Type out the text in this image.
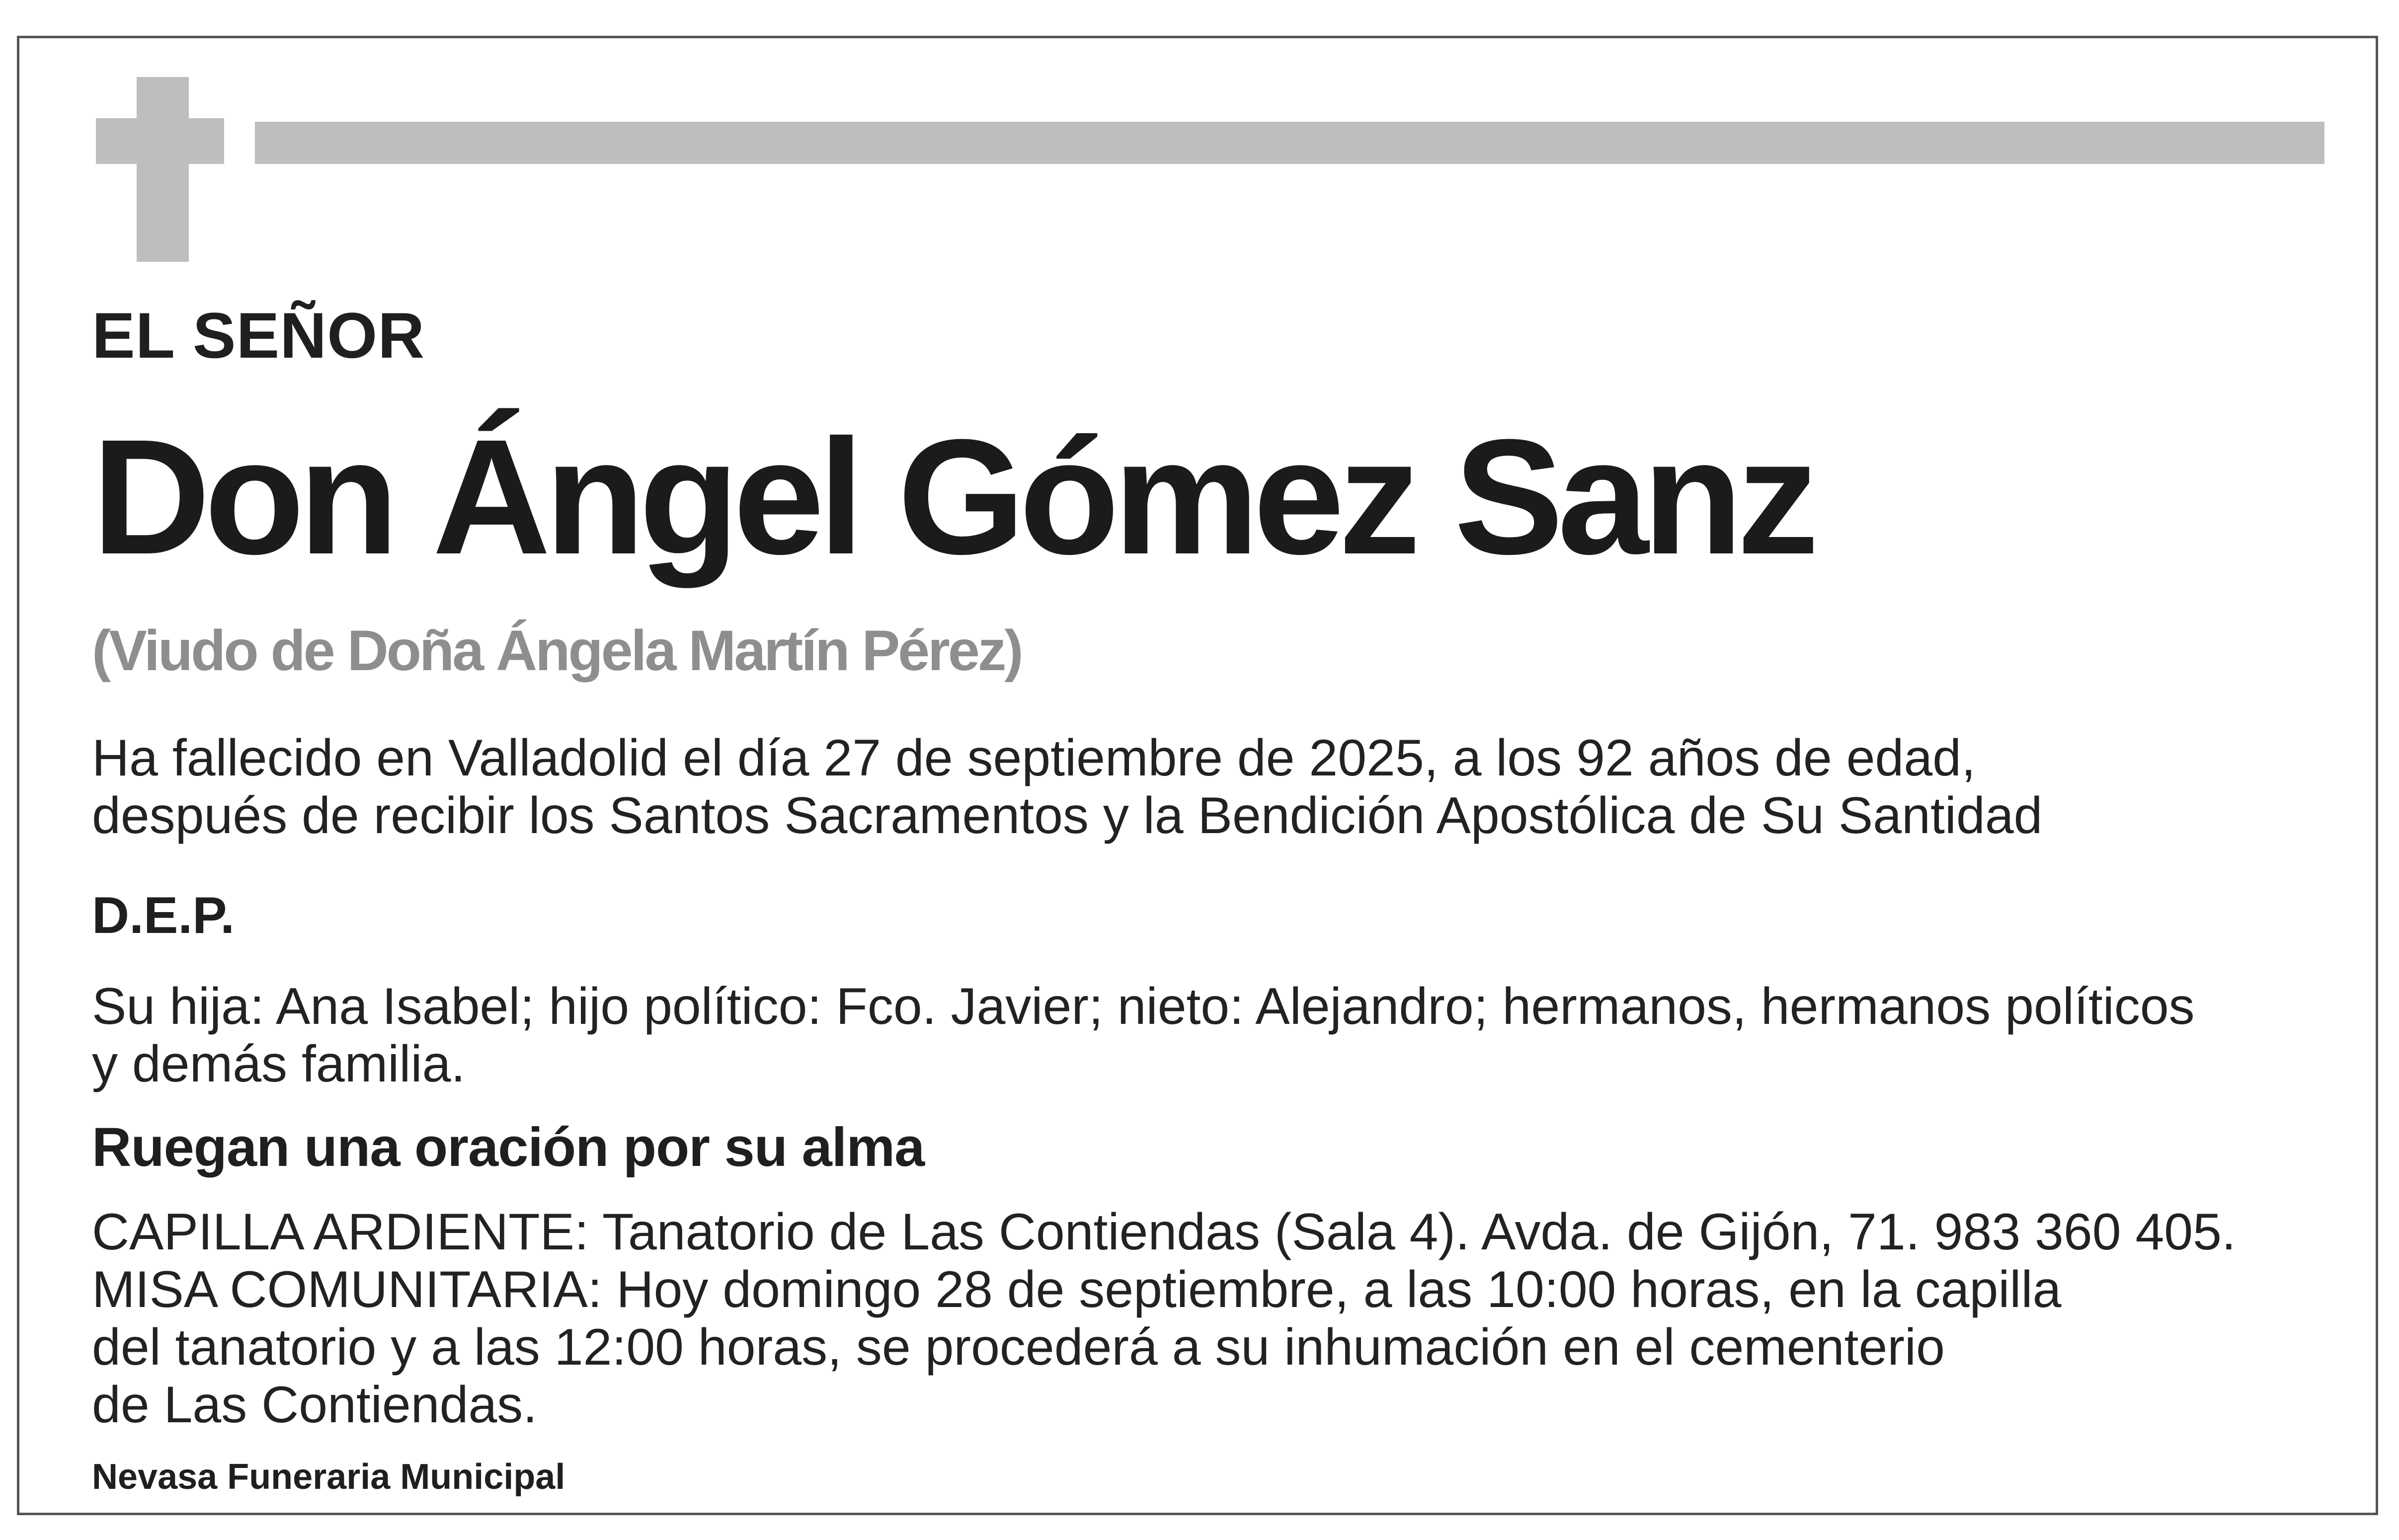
EL SEÑOR
Don Ángel Gómez Sanz
(Viudo de Doña Ángela Martín Pérez)
Ha fallecido en Valladolid el día 27 de septiembre de 2025, a los 92 años de edad,
después de recibir los Santos Sacramentos y la Bendición Apostólica de Su Santidad
D.E.P.
Su hija: Ana Isabel; hijo político: Fco. Javier; nieto: Alejandro; hermanos, hermanos políticos
y demás familia.
Ruegan una oración por su alma
CAPILLA ARDIENTE: Tanatorio de Las Contiendas (Sala 4). Avda. de Gijón, 71. 983 360 405.
MISA COMUNITARIA: Hoy domingo 28 de septiembre, a las 10:00 horas, en la capilla
del tanatorio y a las 12:00 horas, se procederá a su inhumación en el cementerio
de Las Contiendas.
Nevasa Funeraria Municipal
